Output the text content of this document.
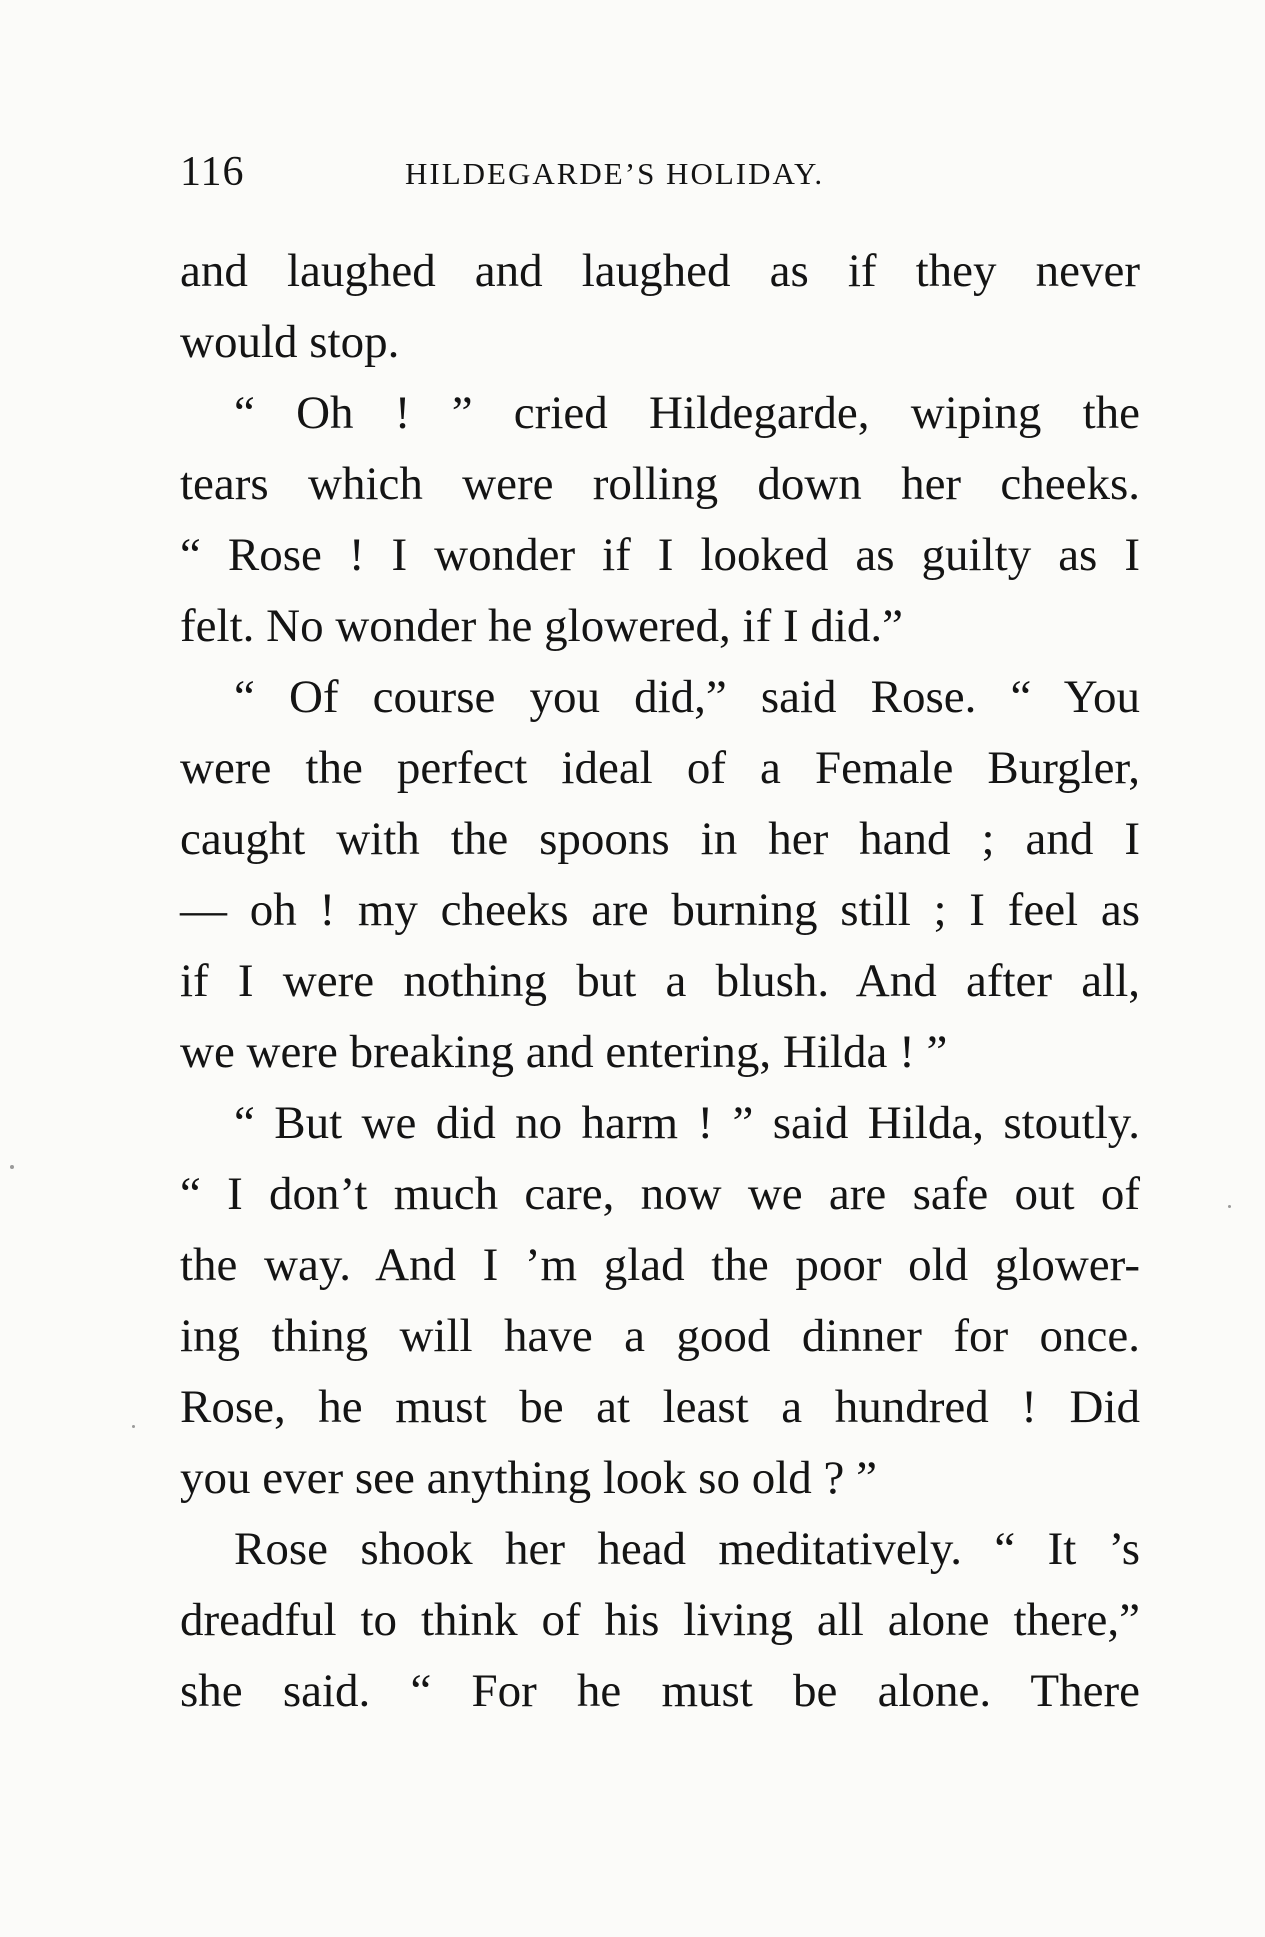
116	HILDEGARDE’S HOLIDAY.
and laughed and laughed as if they never
would stop.
“ Oh ! ” cried Hildegarde, wiping the
tears which were rolling down her cheeks.
“ Rose ! I wonder if I looked as guilty as I
felt. No wonder he glowered, if I did.”
“ Of course you did,” said Rose. “ You
were the perfect ideal of a Female Burgler,
caught with the spoons in her hand ; and I
— oh ! my cheeks are burning still ; I feel as
if I were nothing but a blush. And after all,
we were breaking and entering, Hilda ! ”
“ But we did no harm ! ” said Hilda, stoutly.
“ I don’t much care, now we are safe out of
the way. And I ’m glad the poor old glower-
ing thing will have a good dinner for once.
Rose, he must be at least a hundred ! Did
you ever see anything look so old ? ”
Rose shook her head meditatively. “ It ’s
dreadful to think of his living all alone there,”
she said. “ For he must be alone. There
